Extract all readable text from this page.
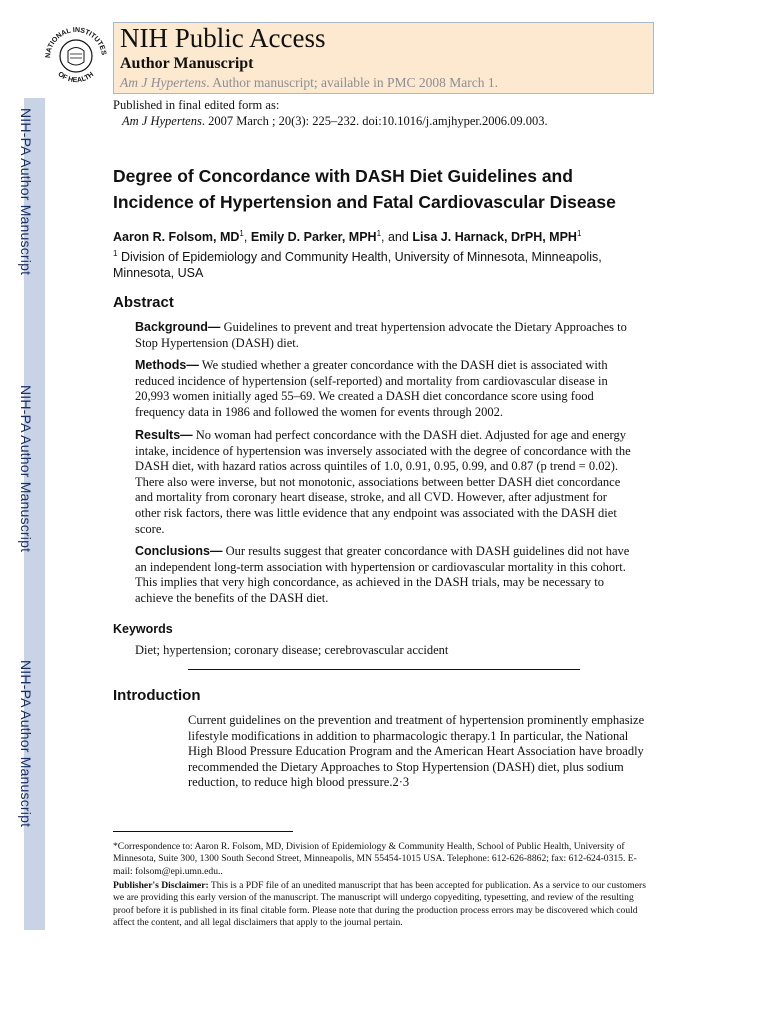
NIH-PA Author Manuscript
NIH-PA Author Manuscript
NIH-PA Author Manuscript
NATIONAL INSTITUTES
OF HEALTH
NIH Public Access
Author Manuscript
Am J Hypertens. Author manuscript; available in PMC 2008 March 1.
Published in final edited form as:
Am J Hypertens. 2007 March ; 20(3): 225–232. doi:10.1016/j.amjhyper.2006.09.003.
Degree of Concordance with DASH Diet Guidelines and
Incidence of Hypertension and Fatal Cardiovascular Disease
Aaron R. Folsom, $MD^1$, Emily D. Parker, MPH$^1$, and Lisa J. Harnack, DrPH, MPH$^1$
$^1$ Division of Epidemiology and Community Health, University of Minnesota, Minneapolis, Minnesota, USA
Abstract
Background— Guidelines to prevent and treat hypertension advocate the Dietary Approaches to Stop Hypertension (DASH) diet.
Methods— We studied whether a greater concordance with the DASH diet is associated with reduced incidence of hypertension (self-reported) and mortality from cardiovascular disease in 20,993 women initially aged 55–69. We created a DASH diet concordance score using food frequency data in 1986 and followed the women for events through 2002.
Results— No woman had perfect concordance with the DASH diet. Adjusted for age and energy intake, incidence of hypertension was inversely associated with the degree of concordance with the DASH diet, with hazard ratios across quintiles of 1.0, 0.91, 0.95, 0.99, and 0.87 (p trend = 0.02). There also were inverse, but not monotonic, associations between better DASH diet concordance and mortality from coronary heart disease, stroke, and all CVD. However, after adjustment for other risk factors, there was little evidence that any endpoint was associated with the DASH diet score.
Conclusions— Our results suggest that greater concordance with DASH guidelines did not have an independent long-term association with hypertension or cardiovascular mortality in this cohort. This implies that very high concordance, as achieved in the DASH trials, may be necessary to achieve the benefits of the DASH diet.
Keywords
Diet; hypertension; coronary disease; cerebrovascular accident
Introduction
Current guidelines on the prevention and treatment of hypertension prominently emphasize lifestyle modifications in addition to pharmacologic therapy.1 In particular, the National High Blood Pressure Education Program and the American Heart Association have broadly recommended the Dietary Approaches to Stop Hypertension (DASH) diet, plus sodium reduction, to reduce high blood pressure.2·3
*Correspondence to: Aaron R. Folsom, MD, Division of Epidemiology & Community Health, School of Public Health, University of Minnesota, Suite 300, 1300 South Second Street, Minneapolis, MN 55454-1015 USA. Telephone: 612-626-8862; fax: 612-624-0315. E-mail: folsom@epi.umn.edu..
Publisher's Disclaimer: This is a PDF file of an unedited manuscript that has been accepted for publication. As a service to our customers we are providing this early version of the manuscript. The manuscript will undergo copyediting, typesetting, and review of the resulting proof before it is published in its final citable form. Please note that during the production process errors may be discovered which could affect the content, and all legal disclaimers that apply to the journal pertain.
